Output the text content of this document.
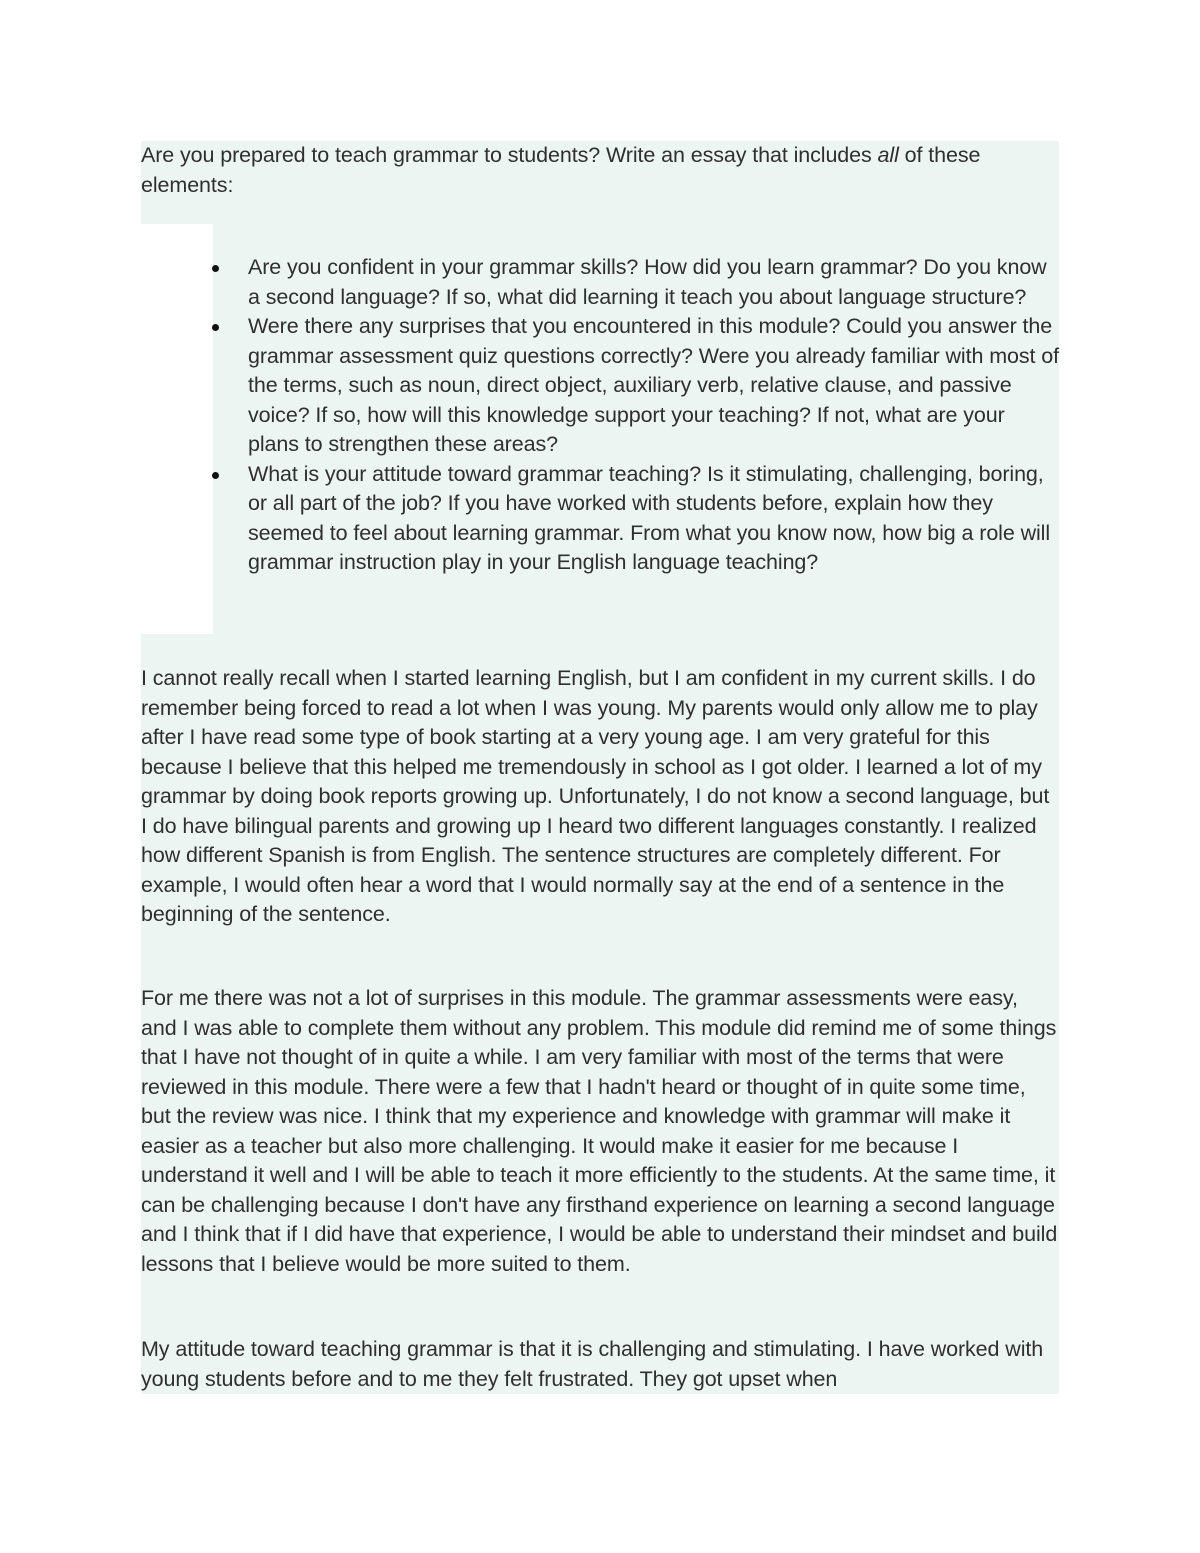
Are you prepared to teach grammar to students? Write an essay that includes all of these elements:

Are you confident in your grammar skills? How did you learn grammar? Do you know a second language? If so, what did learning it teach you about language structure?
Were there any surprises that you encountered in this module? Could you answer the grammar assessment quiz questions correctly? Were you already familiar with most of the terms, such as noun, direct object, auxiliary verb, relative clause, and passive voice? If so, how will this knowledge support your teaching? If not, what are your plans to strengthen these areas?
What is your attitude toward grammar teaching? Is it stimulating, challenging, boring, or all part of the job? If you have worked with students before, explain how they seemed to feel about learning grammar. From what you know now, how big a role will grammar instruction play in your English language teaching?

I cannot really recall when I started learning English, but I am confident in my current skills. I do remember being forced to read a lot when I was young. My parents would only allow me to play after I have read some type of book starting at a very young age. I am very grateful for this because I believe that this helped me tremendously in school as I got older. I learned a lot of my grammar by doing book reports growing up. Unfortunately, I do not know a second language, but I do have bilingual parents and growing up I heard two different languages constantly. I realized how different Spanish is from English. The sentence structures are completely different. For example, I would often hear a word that I would normally say at the end of a sentence in the beginning of the sentence.

For me there was not a lot of surprises in this module. The grammar assessments were easy, and I was able to complete them without any problem. This module did remind me of some things that I have not thought of in quite a while. I am very familiar with most of the terms that were reviewed in this module. There were a few that I hadn't heard or thought of in quite some time, but the review was nice. I think that my experience and knowledge with grammar will make it easier as a teacher but also more challenging. It would make it easier for me because I understand it well and I will be able to teach it more efficiently to the students. At the same time, it can be challenging because I don't have any firsthand experience on learning a second language and I think that if I did have that experience, I would be able to understand their mindset and build lessons that I believe would be more suited to them.

My attitude toward teaching grammar is that it is challenging and stimulating. I have worked with young students before and to me they felt frustrated. They got upset when
